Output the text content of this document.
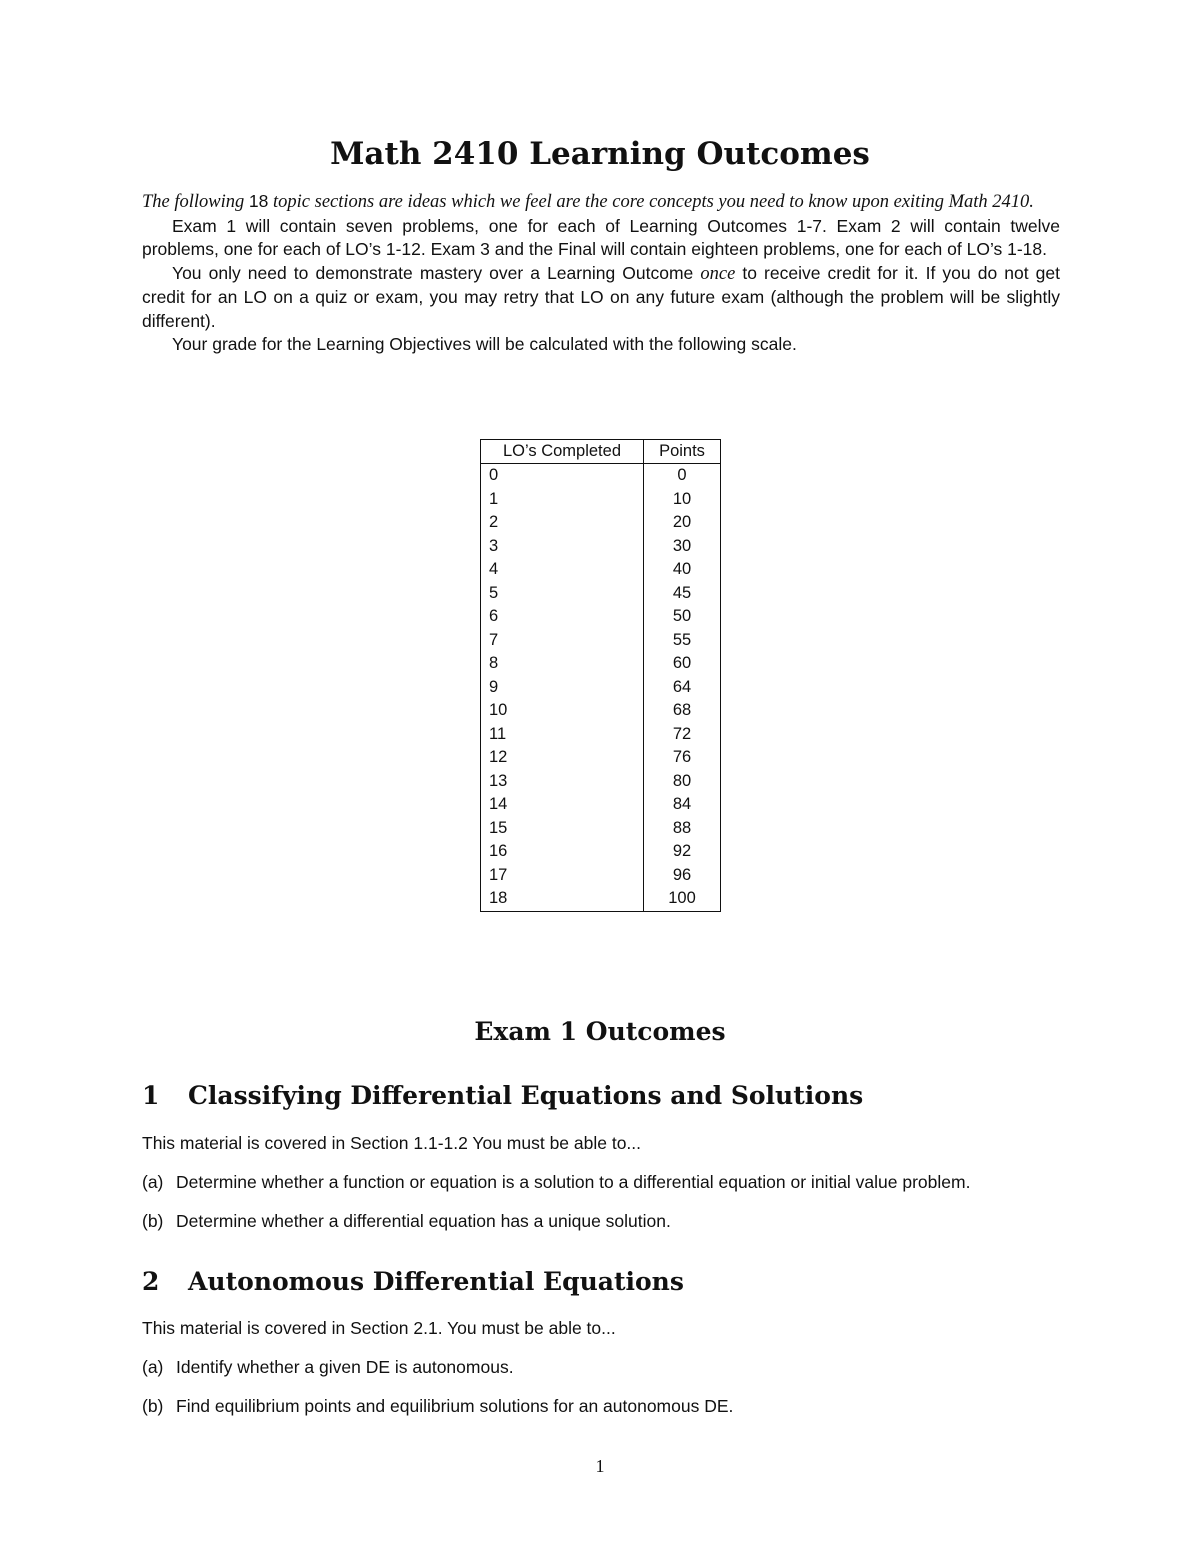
Math 2410 Learning Outcomes

The following 18 topic sections are ideas which we feel are the core concepts you need to know upon exiting Math 2410.

Exam 1 will contain seven problems, one for each of Learning Outcomes 1-7. Exam 2 will contain twelve problems, one for each of LO’s 1-12. Exam 3 and the Final will contain eighteen problems, one for each of LO’s 1-18.

You only need to demonstrate mastery over a Learning Outcome once to receive credit for it. If you do not get credit for an LO on a quiz or exam, you may retry that LO on any future exam (although the problem will be slightly different).

Your grade for the Learning Objectives will be calculated with the following scale.

LO’s Completed	Points
0	0
1	10
2	20
3	30
4	40
5	45
6	50
7	55
8	60
9	64
10	68
11	72
12	76
13	80
14	84
15	88
16	92
17	96
18	100
Exam 1 Outcomes
1 Classifying Differential Equations and Solutions
This material is covered in Section 1.1-1.2 You must be able to...
(a) Determine whether a function or equation is a solution to a differential equation or initial value problem.
(b) Determine whether a differential equation has a unique solution.
2 Autonomous Differential Equations
This material is covered in Section 2.1. You must be able to...
(a) Identify whether a given DE is autonomous.
(b) Find equilibrium points and equilibrium solutions for an autonomous DE.
1
